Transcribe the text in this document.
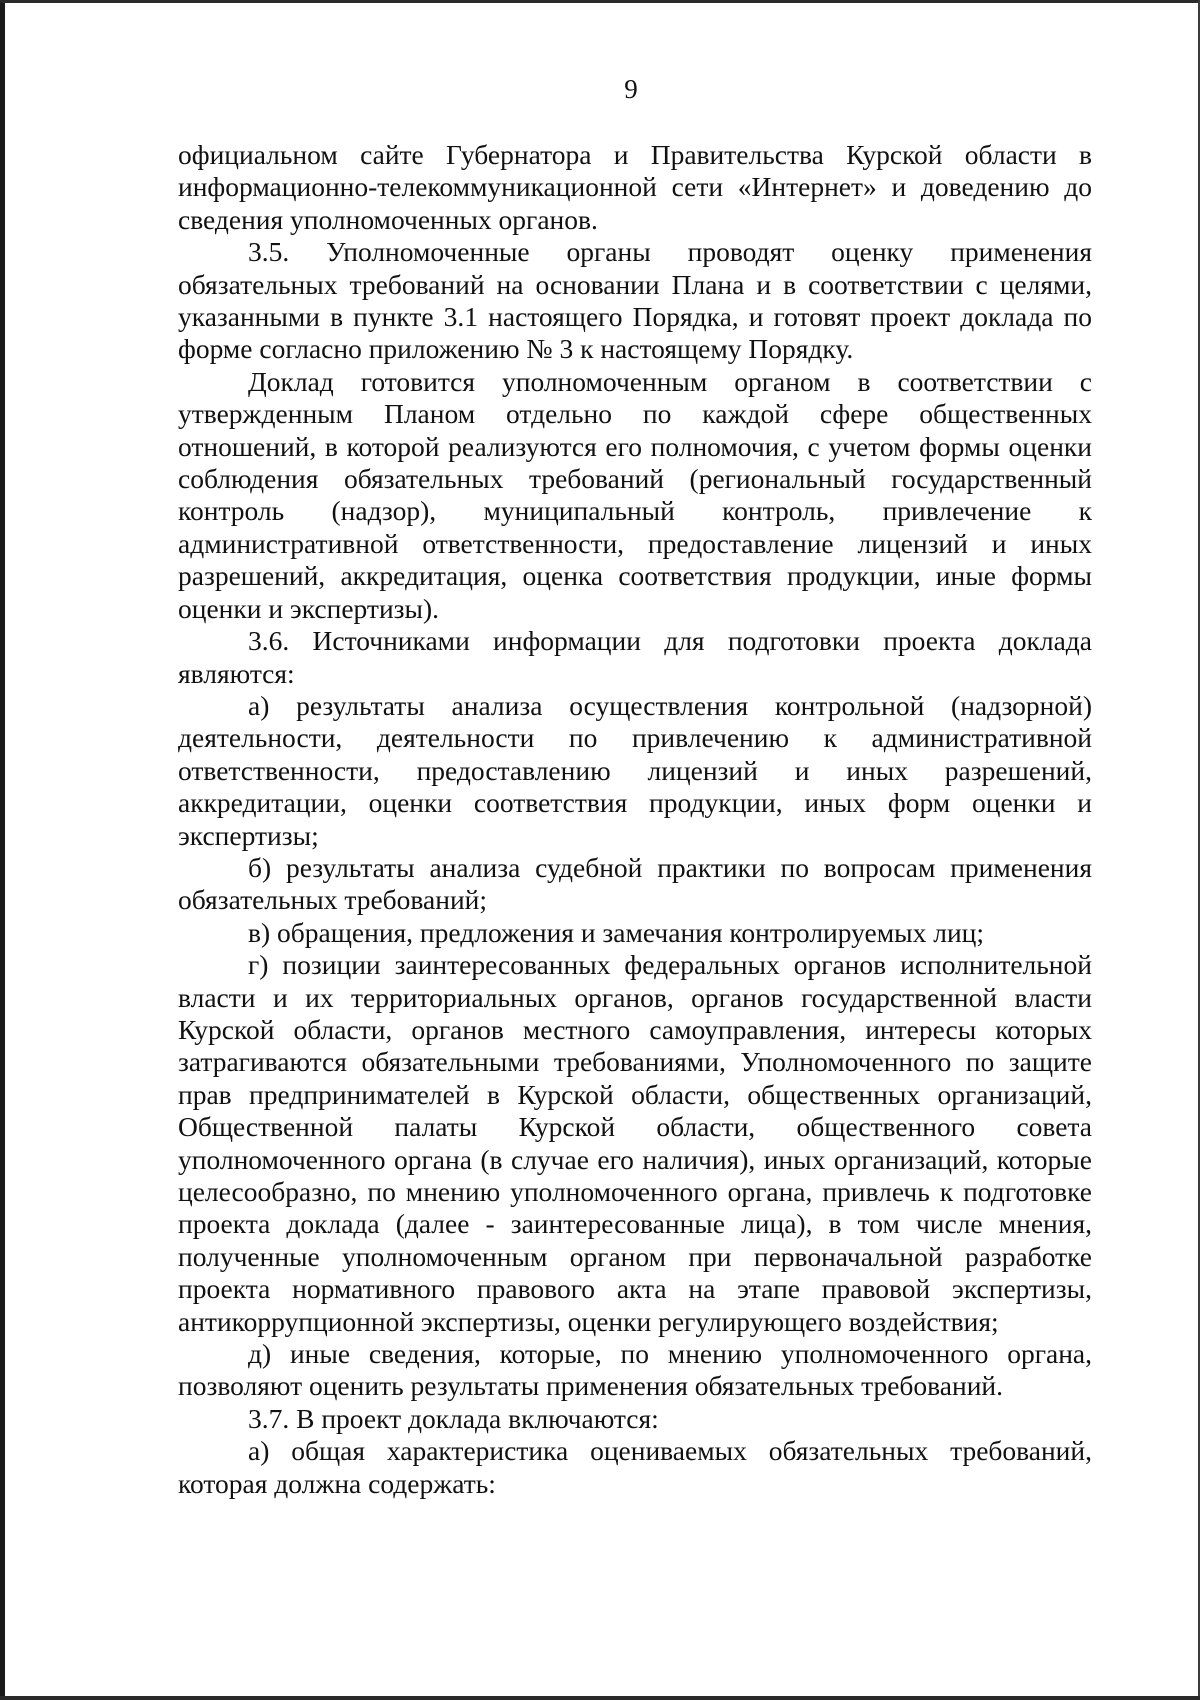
9

официальном сайте Губернатора и Правительства Курской области в информационно-телекоммуникационной сети «Интернет» и доведению до сведения уполномоченных органов.

3.5. Уполномоченные органы проводят оценку применения обязательных требований на основании Плана и в соответствии с целями, указанными в пункте 3.1 настоящего Порядка, и готовят проект доклада по форме согласно приложению № 3 к настоящему Порядку.

Доклад готовится уполномоченным органом в соответствии с утвержденным Планом отдельно по каждой сфере общественных отношений, в которой реализуются его полномочия, с учетом формы оценки соблюдения обязательных требований (региональный государственный контроль (надзор), муниципальный контроль, привлечение к административной ответственности, предоставление лицензий и иных разрешений, аккредитация, оценка соответствия продукции, иные формы оценки и экспертизы).

3.6. Источниками информации для подготовки проекта доклада являются:

а) результаты анализа осуществления контрольной (надзорной) деятельности, деятельности по привлечению к административной ответственности, предоставлению лицензий и иных разрешений, аккредитации, оценки соответствия продукции, иных форм оценки и экспертизы;

б) результаты анализа судебной практики по вопросам применения обязательных требований;

в) обращения, предложения и замечания контролируемых лиц;

г) позиции заинтересованных федеральных органов исполнительной власти и их территориальных органов, органов государственной власти Курской области, органов местного самоуправления, интересы которых затрагиваются обязательными требованиями, Уполномоченного по защите прав предпринимателей в Курской области, общественных организаций, Общественной палаты Курской области, общественного совета уполномоченного органа (в случае его наличия), иных организаций, которые целесообразно, по мнению уполномоченного органа, привлечь к подготовке проекта доклада (далее - заинтересованные лица), в том числе мнения, полученные уполномоченным органом при первоначальной разработке проекта нормативного правового акта на этапе правовой экспертизы, антикоррупционной экспертизы, оценки регулирующего воздействия;

д) иные сведения, которые, по мнению уполномоченного органа, позволяют оценить результаты применения обязательных требований.

3.7. В проект доклада включаются:

а) общая характеристика оцениваемых обязательных требований, которая должна содержать:
